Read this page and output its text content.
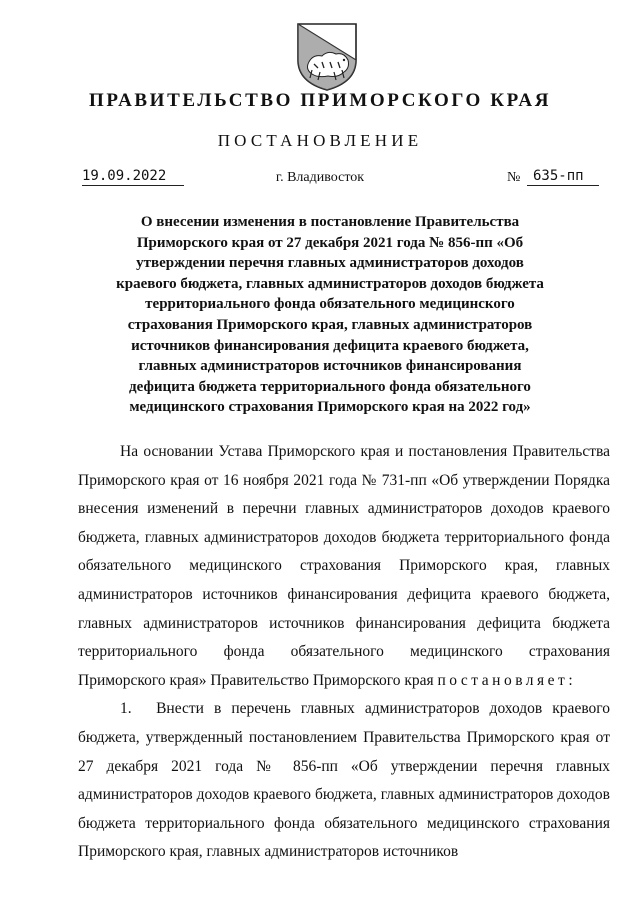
ПРАВИТЕЛЬСТВО ПРИМОРСКОГО КРАЯ
ПОСТАНОВЛЕНИЕ
19.09.2022	г. Владивосток	№ 635-пп
О внесении изменения в постановление Правительства Приморского края от 27 декабря 2021 года № 856-пп «Об утверждении перечня главных администраторов доходов краевого бюджета, главных администраторов доходов бюджета территориального фонда обязательного медицинского страхования Приморского края, главных администраторов источников финансирования дефицита краевого бюджета, главных администраторов источников финансирования дефицита бюджета территориального фонда обязательного медицинского страхования Приморского края на 2022 год»

На основании Устава Приморского края и постановления Правительства Приморского края от 16 ноября 2021 года № 731-пп «Об утверждении Порядка внесения изменений в перечни главных администраторов доходов краевого бюджета, главных администраторов доходов бюджета территориального фонда обязательного медицинского страхования Приморского края, главных администраторов источников финансирования дефицита краевого бюджета, главных администраторов источников финансирования дефицита бюджета территориального фонда обязательного медицинского страхования Приморского края» Правительство Приморского края постановляет:

1. Внести в перечень главных администраторов доходов краевого бюджета, утвержденный постановлением Правительства Приморского края от 27 декабря 2021 года № 856-пп «Об утверждении перечня главных администраторов доходов краевого бюджета, главных администраторов доходов бюджета территориального фонда обязательного медицинского страхования Приморского края, главных администраторов источников
